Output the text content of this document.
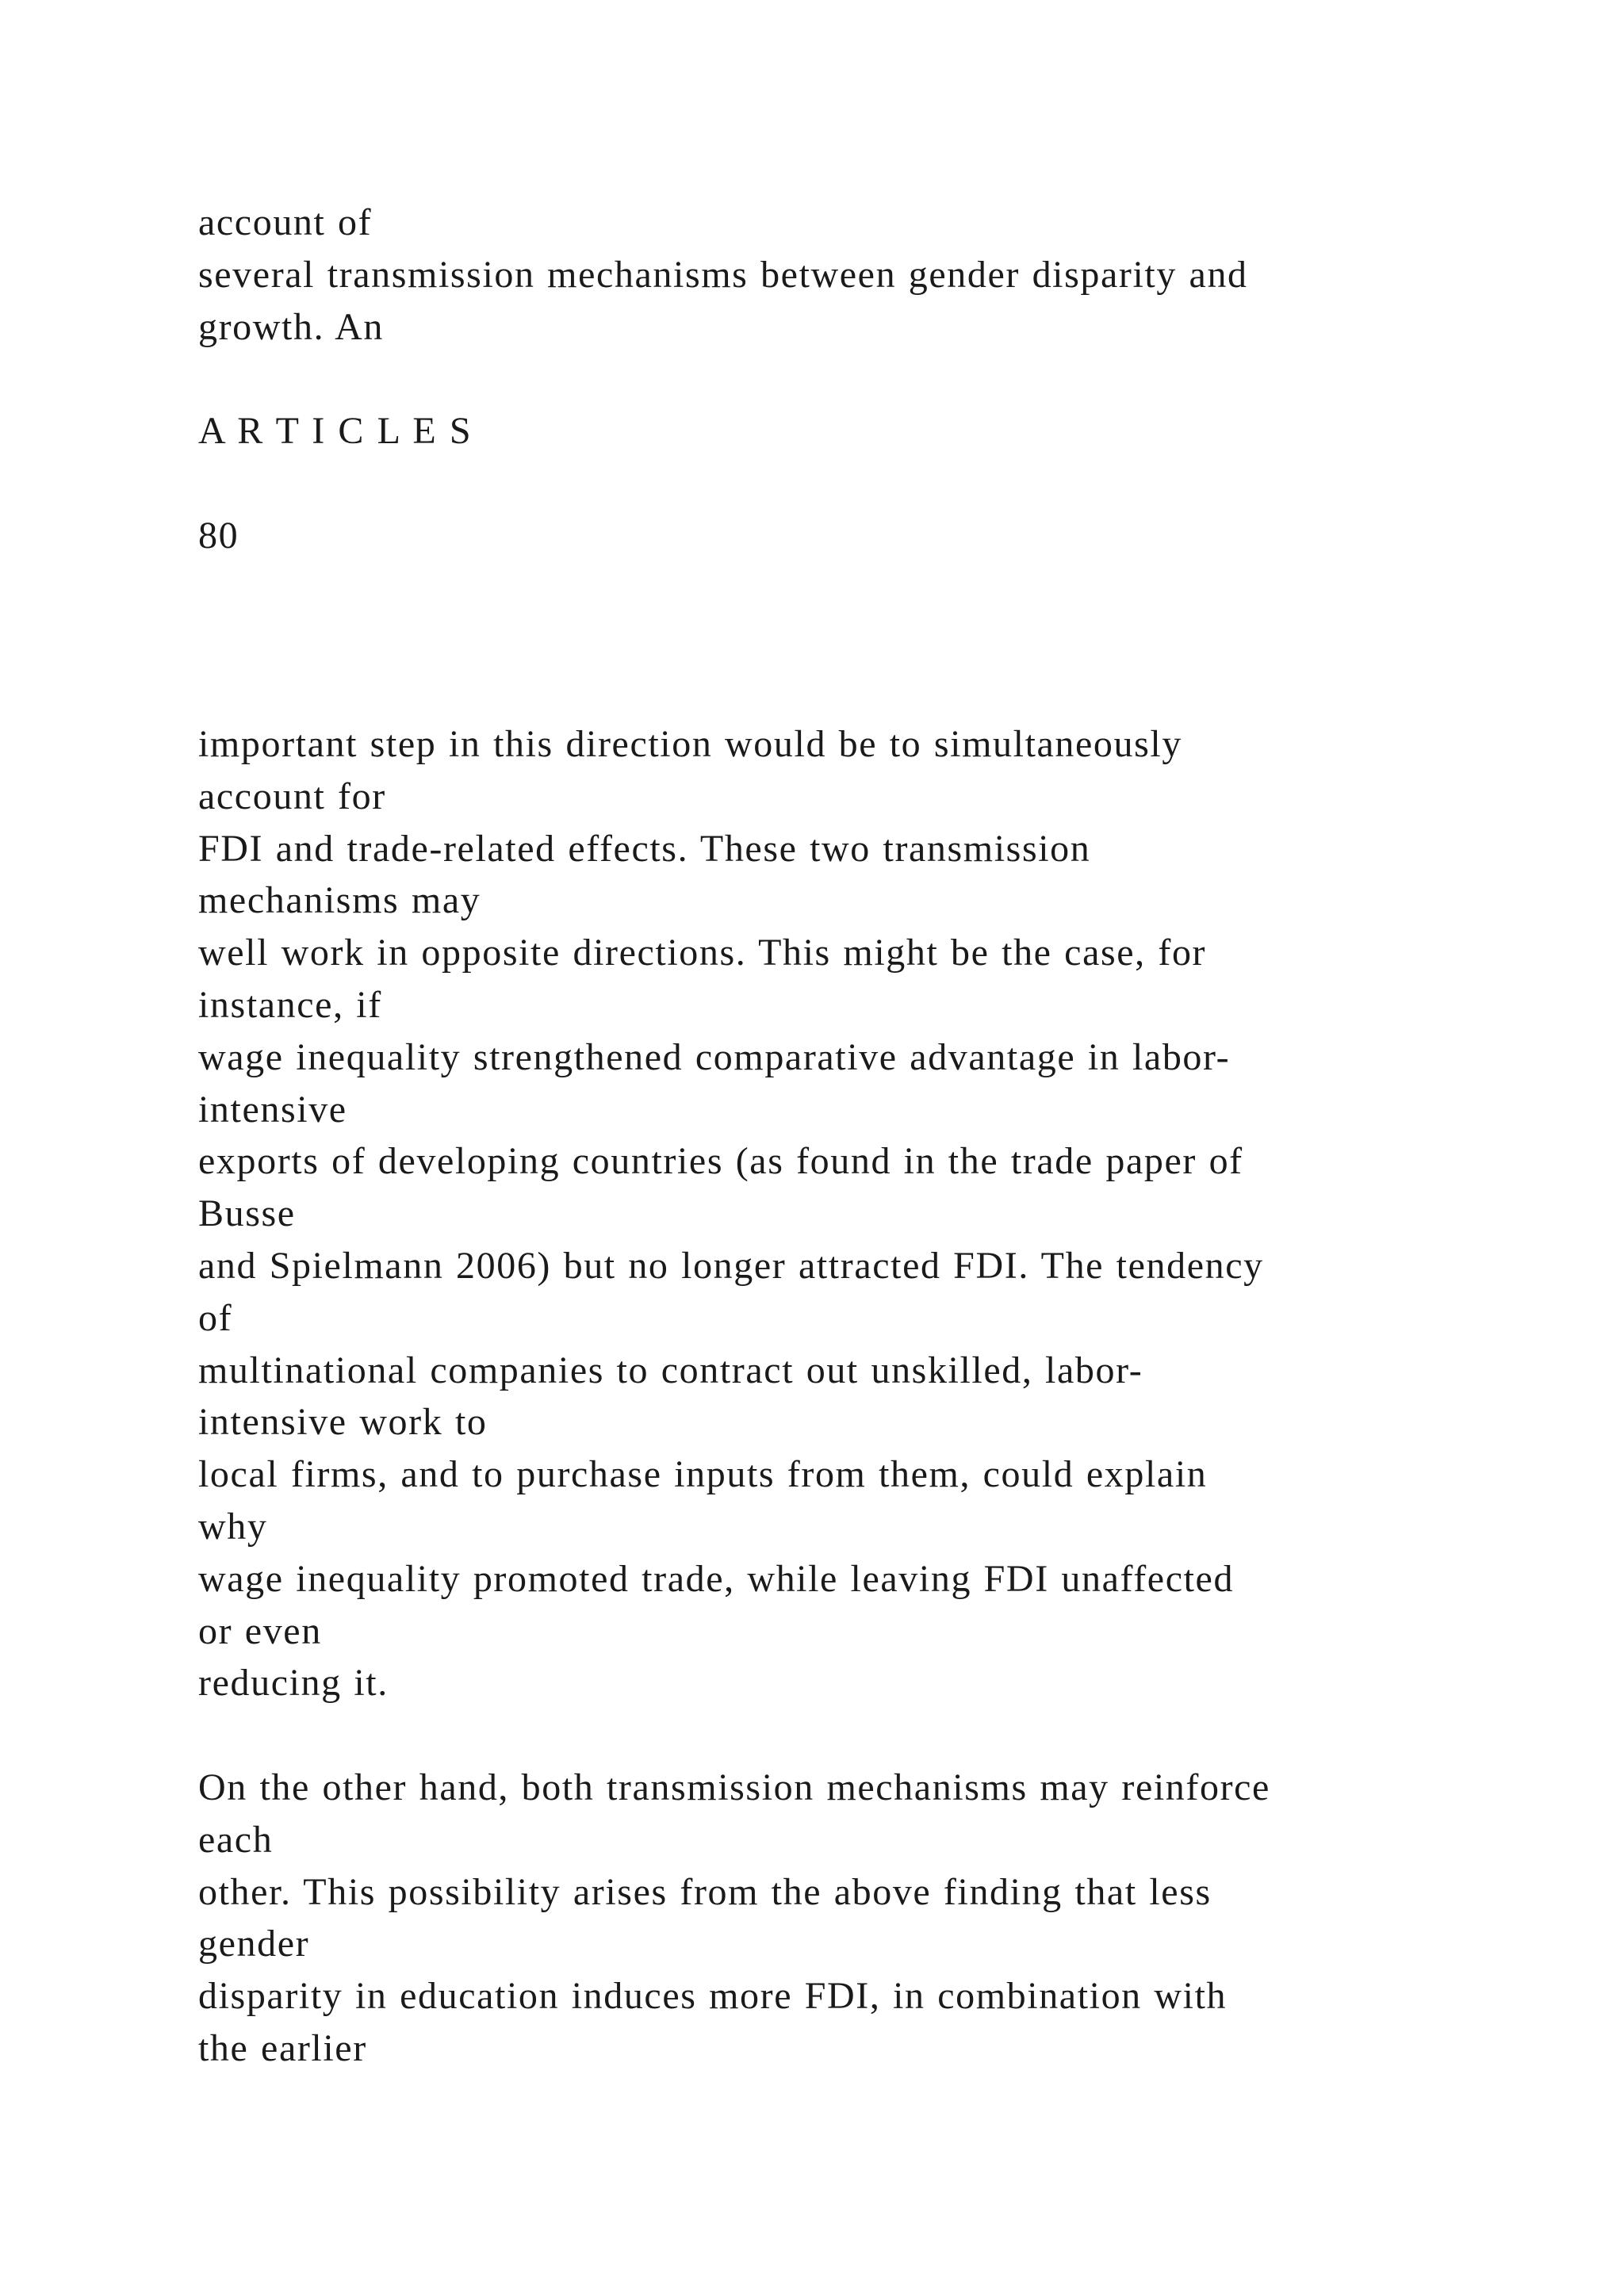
account of
several transmission mechanisms between gender disparity and
growth. An
A R T I C L E S
80
important step in this direction would be to simultaneously
account for
FDI and trade-related effects. These two transmission
mechanisms may
well work in opposite directions. This might be the case, for
instance, if
wage inequality strengthened comparative advantage in labor-
intensive
exports of developing countries (as found in the trade paper of
Busse
and Spielmann 2006) but no longer attracted FDI. The tendency
of
multinational companies to contract out unskilled, labor-
intensive work to
local firms, and to purchase inputs from them, could explain
why
wage inequality promoted trade, while leaving FDI unaffected
or even
reducing it.
On the other hand, both transmission mechanisms may reinforce
each
other. This possibility arises from the above finding that less
gender
disparity in education induces more FDI, in combination with
the earlier
